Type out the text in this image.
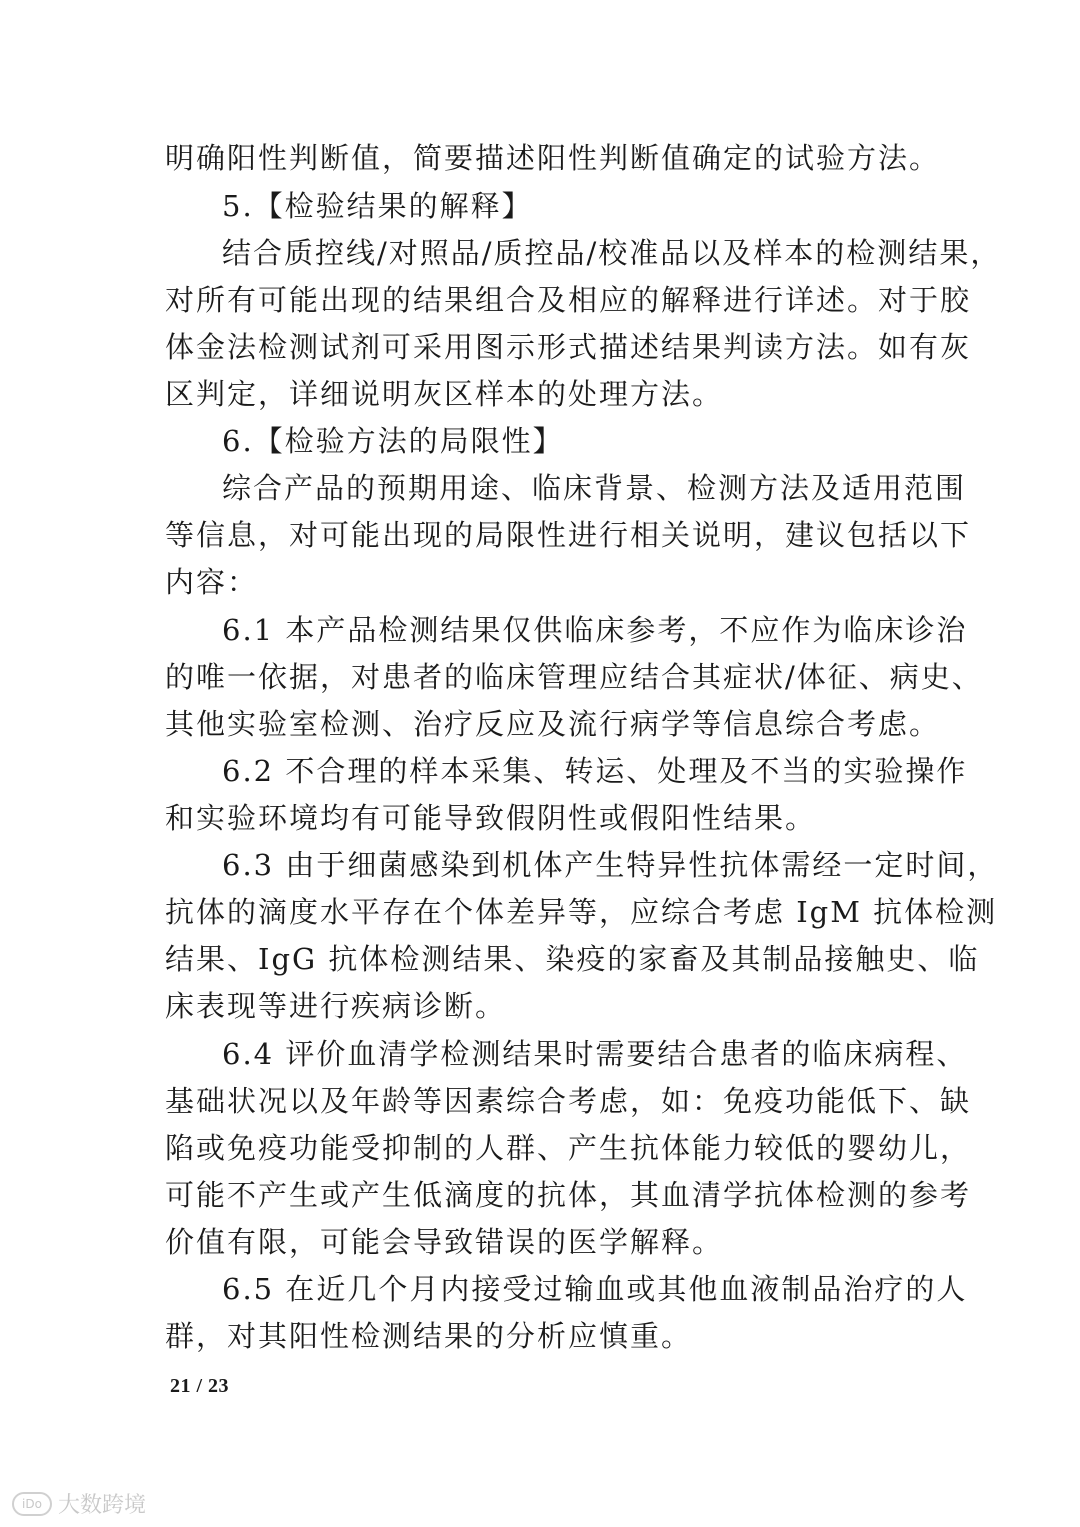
明确阳性判断值，简要描述阳性判断值确定的试验方法。
5.【检验结果的解释】
结合质控线/对照品/质控品/校准品以及样本的检测结果，
对所有可能出现的结果组合及相应的解释进行详述。对于胶
体金法检测试剂可采用图示形式描述结果判读方法。如有灰
区判定，详细说明灰区样本的处理方法。
6.【检验方法的局限性】
综合产品的预期用途、临床背景、检测方法及适用范围
等信息，对可能出现的局限性进行相关说明，建议包括以下
内容：
6.1 本产品检测结果仅供临床参考，不应作为临床诊治
的唯一依据，对患者的临床管理应结合其症状/体征、病史、
其他实验室检测、治疗反应及流行病学等信息综合考虑。
6.2 不合理的样本采集、转运、处理及不当的实验操作
和实验环境均有可能导致假阴性或假阳性结果。
6.3 由于细菌感染到机体产生特异性抗体需经一定时间，
抗体的滴度水平存在个体差异等，应综合考虑 IgM 抗体检测
结果、IgG 抗体检测结果、染疫的家畜及其制品接触史、临
床表现等进行疾病诊断。
6.4 评价血清学检测结果时需要结合患者的临床病程、
基础状况以及年龄等因素综合考虑，如：免疫功能低下、缺
陷或免疫功能受抑制的人群、产生抗体能力较低的婴幼儿，
可能不产生或产生低滴度的抗体，其血清学抗体检测的参考
价值有限，可能会导致错误的医学解释。
6.5 在近几个月内接受过输血或其他血液制品治疗的人
群，对其阳性检测结果的分析应慎重。
21 / 23
iDo 大数跨境
